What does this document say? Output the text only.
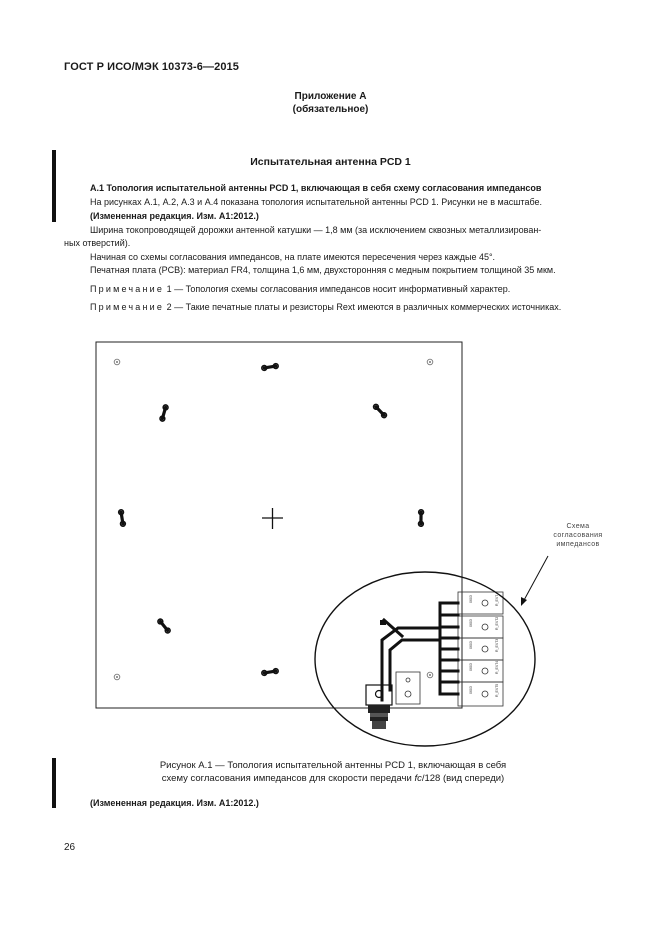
ГОСТ Р ИСО/МЭК 10373-6—2015
Приложение А
(обязательное)
Испытательная антенна PCD 1
А.1 Топология испытательной антенны PCD 1, включающая в себя схему согласования импедансов
На рисунках А.1, А.2, А.3 и А.4 показана топология испытательной антенны PCD 1. Рисунки не в масштабе.
(Измененная редакция. Изм. А1:2012.)
Ширина токопроводящей дорожки антенной катушки — 1,8 мм (за исключением сквозных металлизирован-
ных отверстий).
Начиная со схемы согласования импедансов, на плате имеются пересечения через каждые 45°.
Печатная плата (PCB): материал FR4, толщина 1,6 мм, двухсторонняя с медным покрытием толщиной 35 мкм.
Примечание 1 — Топология схемы согласования импедансов носит информативный характер.
Примечание 2 — Такие печатные платы и резисторы Rext имеются в различных коммерческих источниках.
0603
0603
0603
0603
0603
R_EXT
R_EXT2
R_EXT3
R_EXT4
R_EXT5
Схема
согласования
импедансов
Рисунок А.1 — Топология испытательной антенны PCD 1, включающая в себя
схему согласования импедансов для скорости передачи fc/128 (вид спереди)
(Измененная редакция. Изм. А1:2012.)
26
